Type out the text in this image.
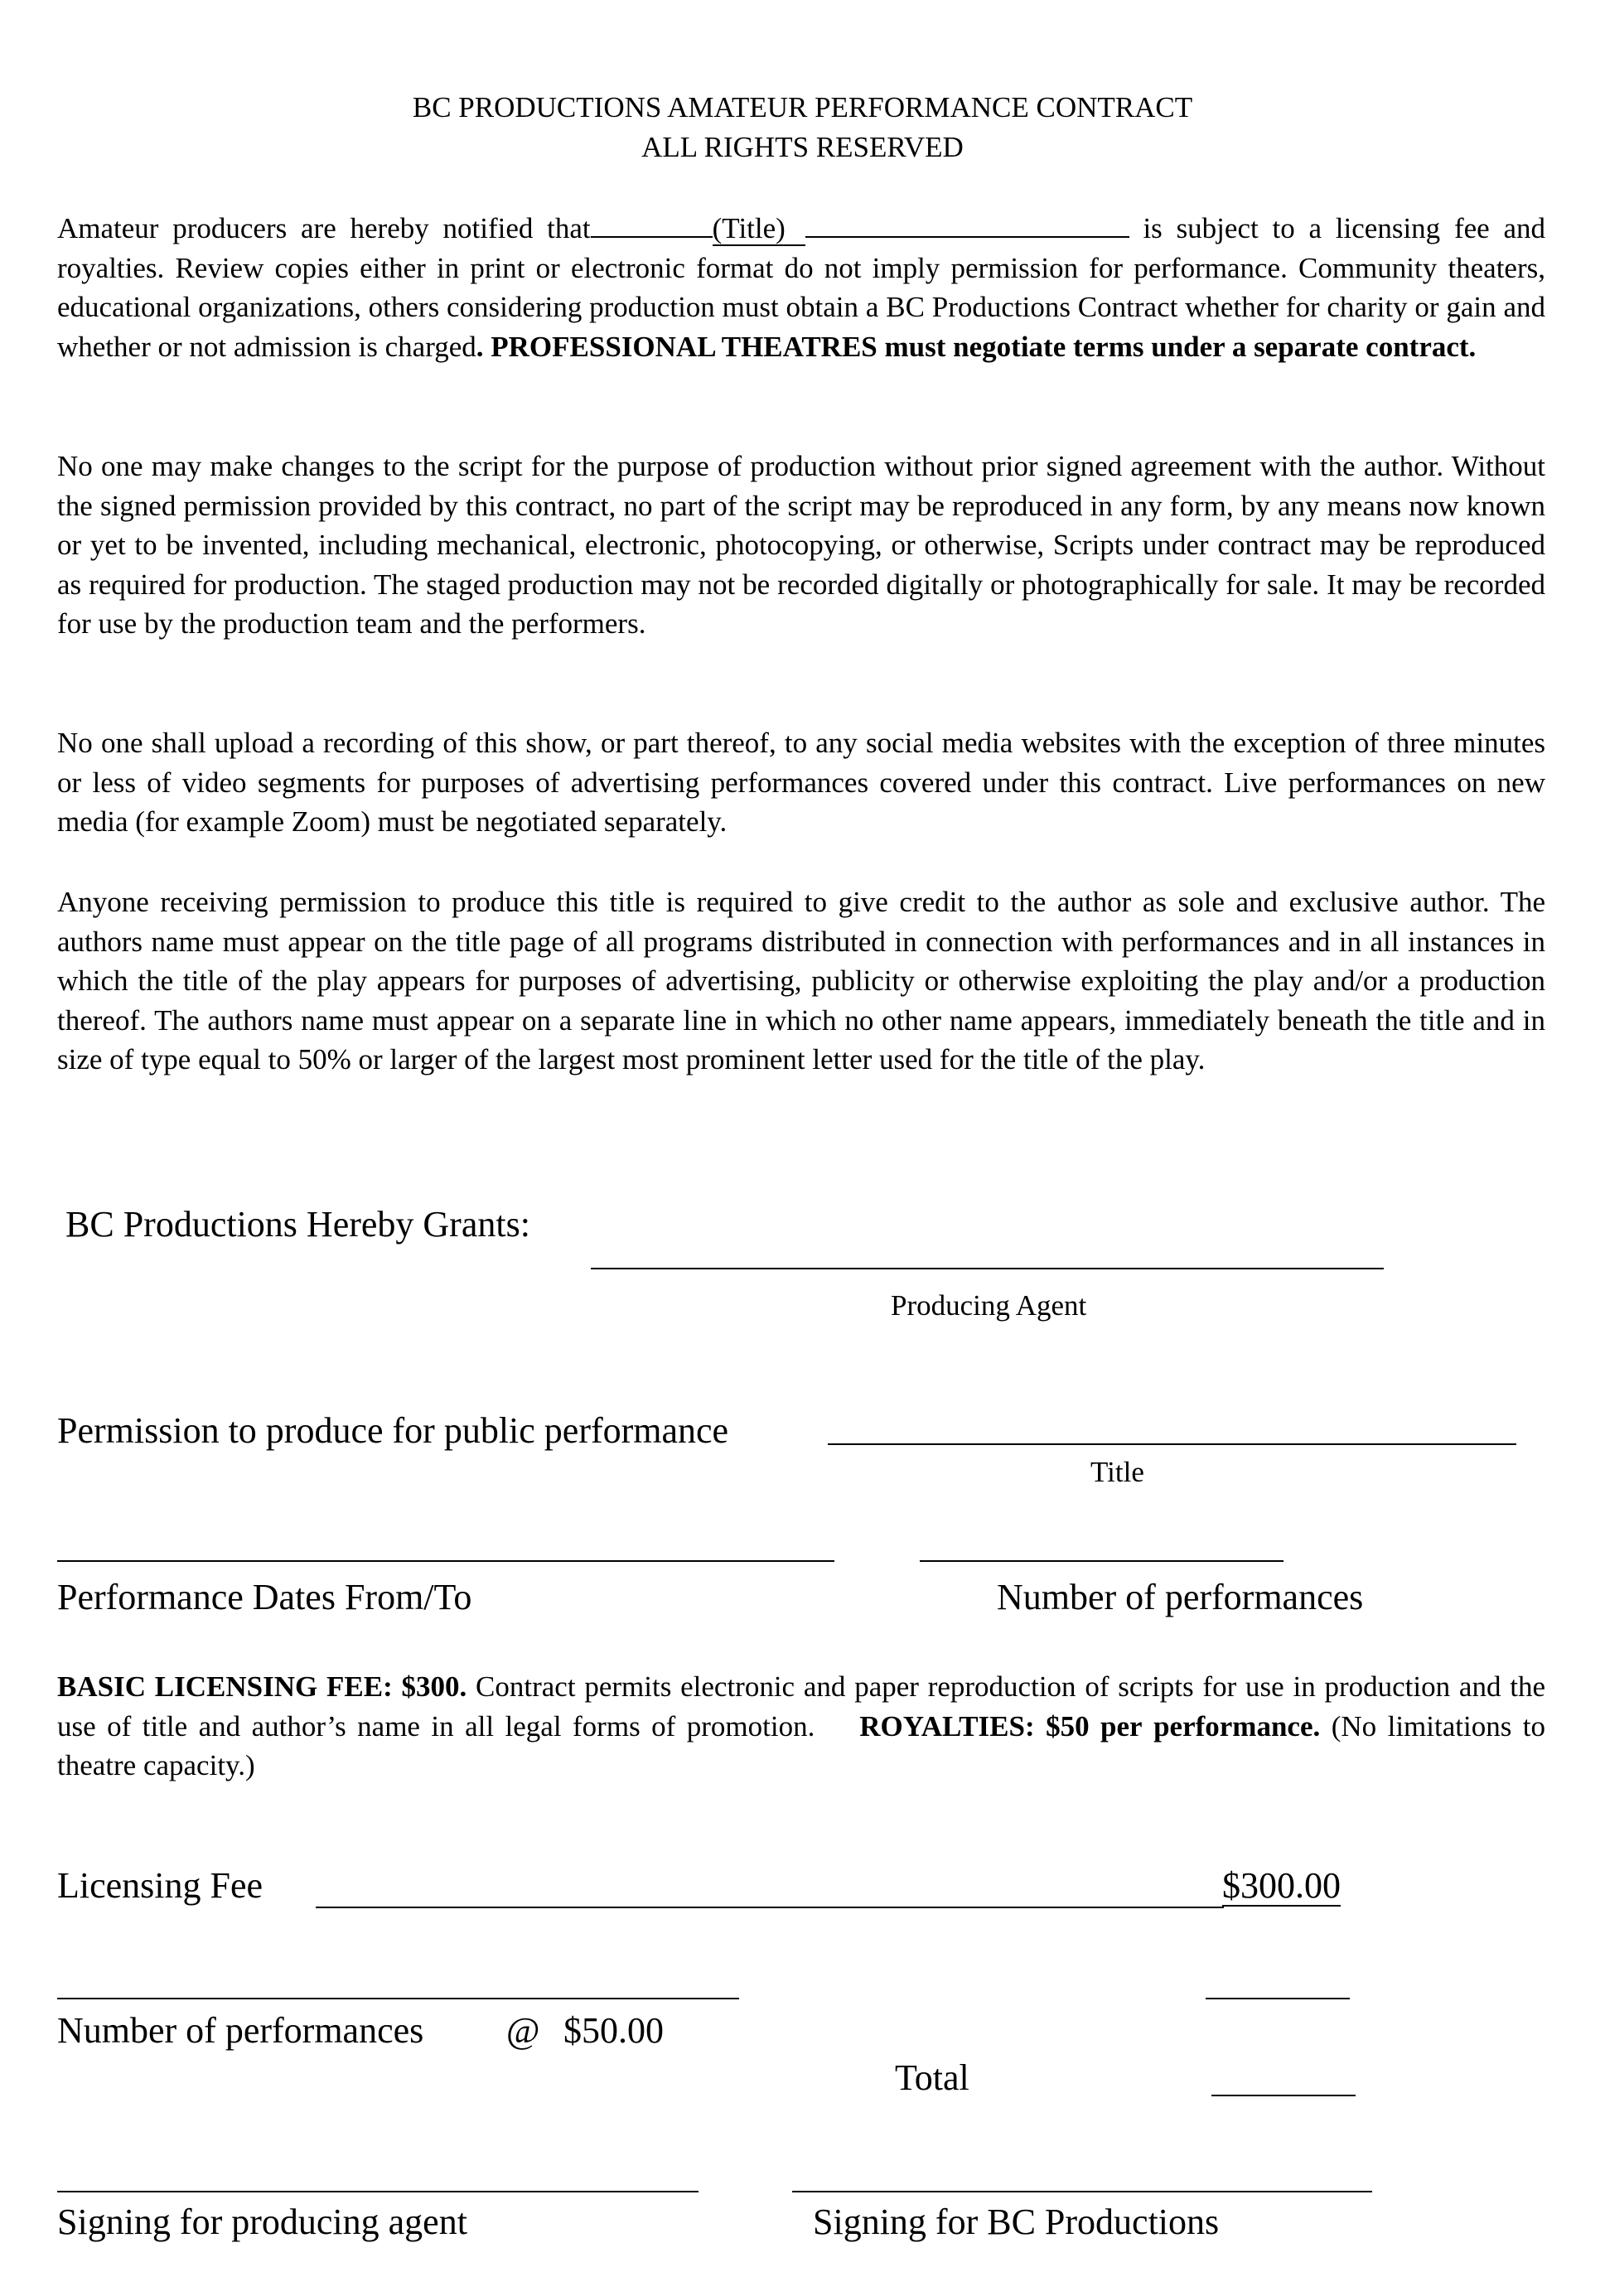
BC PRODUCTIONS AMATEUR PERFORMANCE CONTRACT
ALL RIGHTS RESERVED
Amateur producers are hereby notified that	(Title)	is subject to a licensing fee and royalties. Review copies either in print or electronic format do not imply permission for performance. Community theaters, educational organizations, others considering production must obtain a BC Productions Contract whether for charity or gain and whether or not admission is charged. PROFESSIONAL THEATRES must negotiate terms under a separate contract.
No one may make changes to the script for the purpose of production without prior signed agreement with the author. Without the signed permission provided by this contract, no part of the script may be reproduced in any form, by any means now known or yet to be invented, including mechanical, electronic, photocopying, or otherwise, Scripts under contract may be reproduced as required for production. The staged production may not be recorded digitally or photographically for sale. It may be recorded for use by the production team and the performers.
No one shall upload a recording of this show, or part thereof, to any social media websites with the exception of three minutes or less of video segments for purposes of advertising performances covered under this contract. Live performances on new media (for example Zoom) must be negotiated separately.
Anyone receiving permission to produce this title is required to give credit to the author as sole and exclusive author. The authors name must appear on the title page of all programs distributed in connection with performances and in all instances in which the title of the play appears for purposes of advertising, publicity or otherwise exploiting the play and/or a production thereof. The authors name must appear on a separate line in which no other name appears, immediately beneath the title and in size of type equal to 50% or larger of the largest most prominent letter used for the title of the play.
BC Productions Hereby Grants:
Producing Agent
Permission to produce for public performance
Title
Performance Dates From/To	Number of performances
BASIC LICENSING FEE: $300. Contract permits electronic and paper reproduction of scripts for use in production and the use of title and author’s name in all legal forms of promotion. ROYALTIES: $50 per performance. (No limitations to theatre capacity.)
Licensing Fee	$300.00
Number of performances @ $50.00
Total
Signing for producing agent	Signing for BC Productions
